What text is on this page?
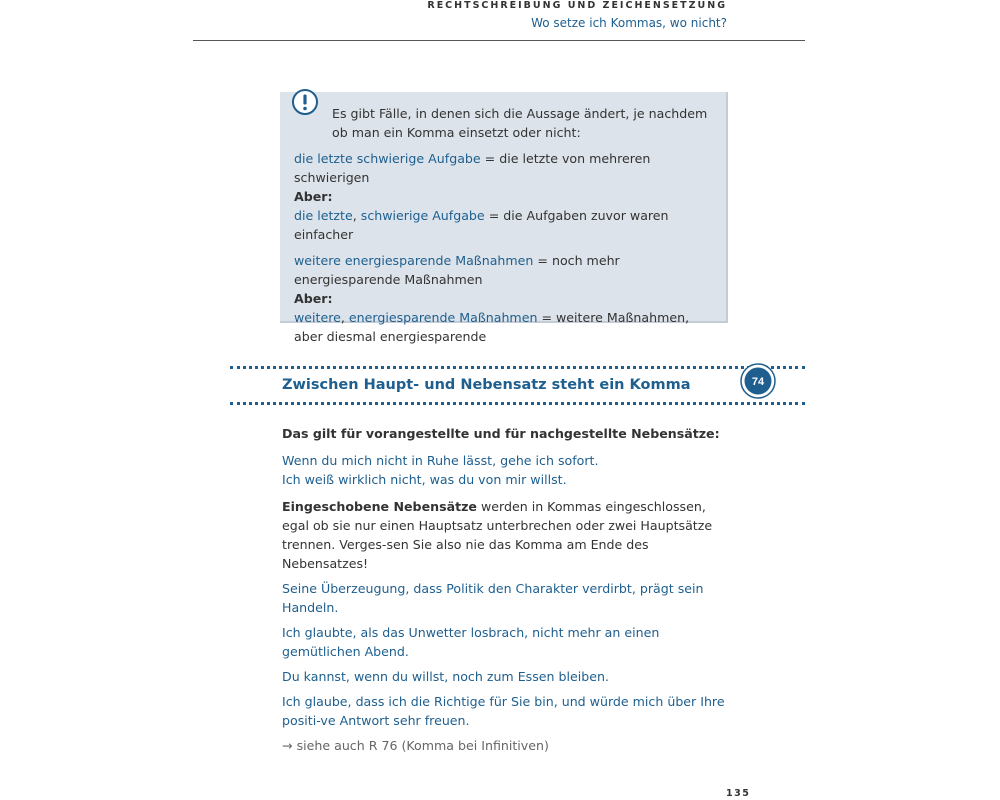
RECHTSCHREIBUNG UND ZEICHENSETZUNG
Wo setze ich Kommas, wo nicht?

Es gibt Fälle, in denen sich die Aussage ändert, je nachdem ob man ein Komma einsetzt oder nicht:

die letzte schwierige Aufgabe = die letzte von mehreren schwierigen

Aber:

die letzte, schwierige Aufgabe = die Aufgaben zuvor waren einfacher

weitere energiesparende Maßnahmen = noch mehr energiesparende Maßnahmen

Aber:

weitere, energiesparende Maßnahmen = weitere Maßnahmen, aber diesmal energiesparende

Zwischen Haupt- und Nebensatz steht ein Komma	74

Das gilt für vorangestellte und für nachgestellte Nebensätze:

Wenn du mich nicht in Ruhe lässt, gehe ich sofort.

Ich weiß wirklich nicht, was du von mir willst.

Eingeschobene Nebensätze werden in Kommas eingeschlossen, egal ob sie nur einen Hauptsatz unterbrechen oder zwei Hauptsätze trennen. Verges-sen Sie also nie das Komma am Ende des Nebensatzes!

Seine Überzeugung, dass Politik den Charakter verdirbt, prägt sein Handeln.

Ich glaubte, als das Unwetter losbrach, nicht mehr an einen gemütlichen Abend.

Du kannst, wenn du willst, noch zum Essen bleiben.

Ich glaube, dass ich die Richtige für Sie bin, und würde mich über Ihre positi-ve Antwort sehr freuen.

→ siehe auch R 76 (Komma bei Infinitiven)

135
